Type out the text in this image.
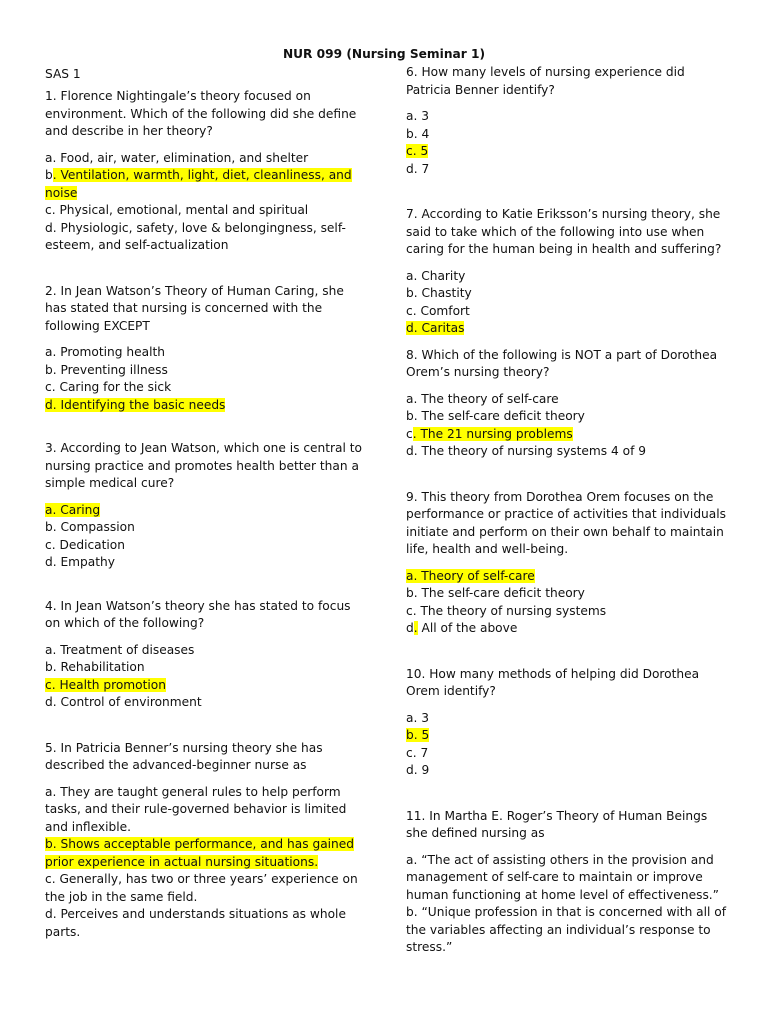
NUR 099 (Nursing Seminar 1)
SAS 1
1. Florence Nightingale’s theory focused on environment. Which of the following did she define and describe in her theory?
a. Food, air, water, elimination, and shelter
b. Ventilation, warmth, light, diet, cleanliness, and noise
c. Physical, emotional, mental and spiritual
d. Physiologic, safety, love & belongingness, self-esteem, and self-actualization
2. In Jean Watson’s Theory of Human Caring, she has stated that nursing is concerned with the following EXCEPT
a. Promoting health
b. Preventing illness
c. Caring for the sick
d. Identifying the basic needs
3. According to Jean Watson, which one is central to nursing practice and promotes health better than a simple medical cure?
a. Caring
b. Compassion
c. Dedication
d. Empathy
4. In Jean Watson’s theory she has stated to focus on which of the following?
a. Treatment of diseases
b. Rehabilitation
c. Health promotion
d. Control of environment
5. In Patricia Benner’s nursing theory she has described the advanced-beginner nurse as
a. They are taught general rules to help perform tasks, and their rule-governed behavior is limited and inflexible.
b. Shows acceptable performance, and has gained prior experience in actual nursing situations.
c. Generally, has two or three years’ experience on the job in the same field.
d. Perceives and understands situations as whole parts.
6. How many levels of nursing experience did Patricia Benner identify?
a. 3
b. 4
c. 5
d. 7
7. According to Katie Eriksson’s nursing theory, she said to take which of the following into use when caring for the human being in health and suffering?
a. Charity
b. Chastity
c. Comfort
d. Caritas
8. Which of the following is NOT a part of Dorothea Orem’s nursing theory?
a. The theory of self-care
b. The self-care deficit theory
c. The 21 nursing problems
d. The theory of nursing systems 4 of 9
9. This theory from Dorothea Orem focuses on the performance or practice of activities that individuals initiate and perform on their own behalf to maintain life, health and well-being.
a. Theory of self-care
b. The self-care deficit theory
c. The theory of nursing systems
d. All of the above
10. How many methods of helping did Dorothea Orem identify?
a. 3
b. 5
c. 7
d. 9
11. In Martha E. Roger’s Theory of Human Beings she defined nursing as
a. “The act of assisting others in the provision and management of self-care to maintain or improve human functioning at home level of effectiveness.”
b. “Unique profession in that is concerned with all of the variables affecting an individual’s response to stress.”
